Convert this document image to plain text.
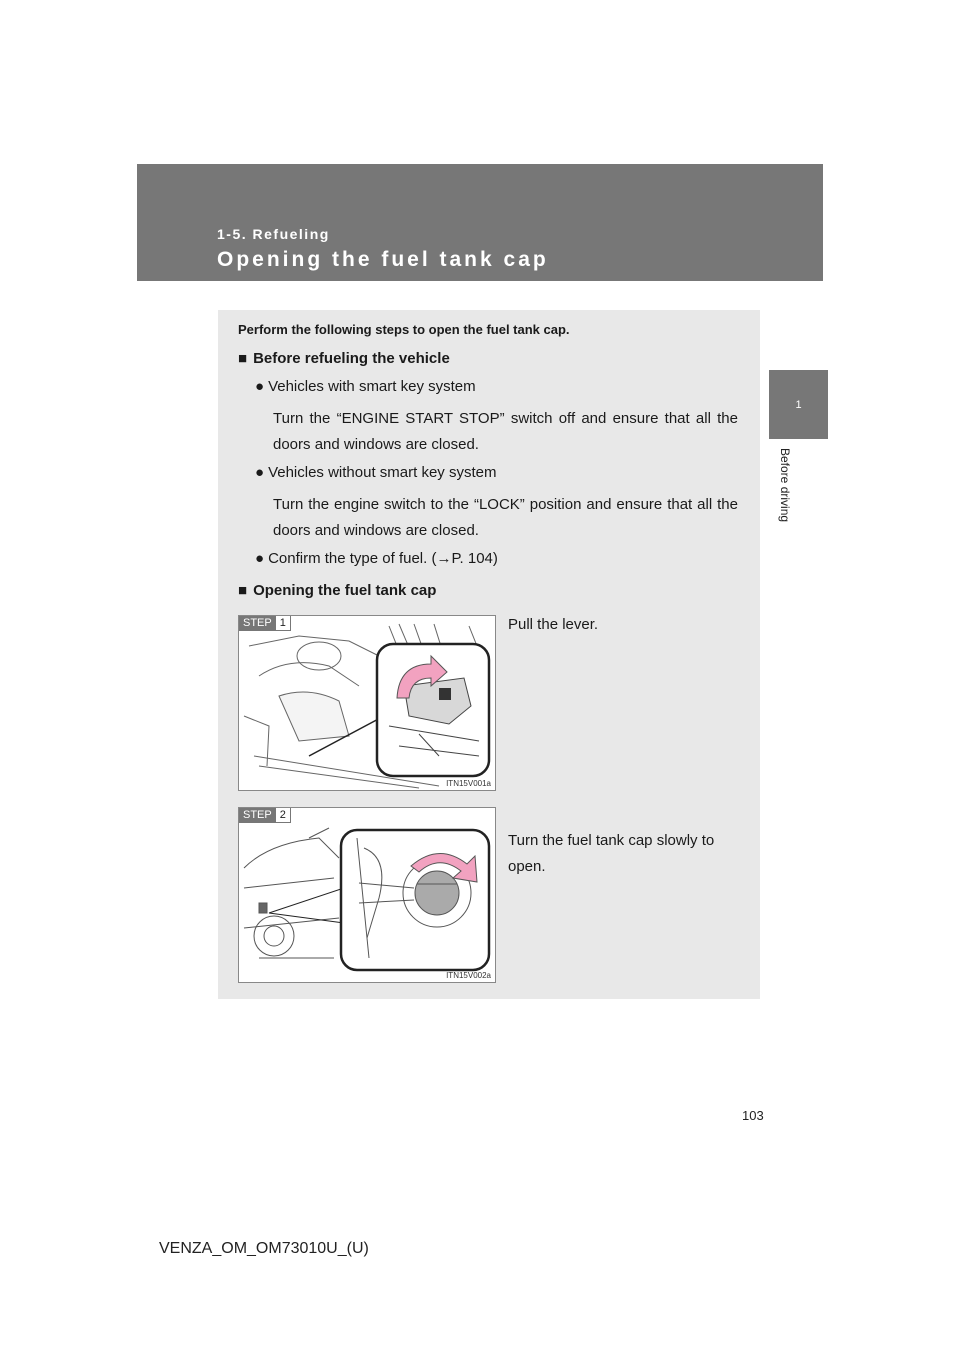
1-5. Refueling
Opening the fuel tank cap
1
Before driving
Perform the following steps to open the fuel tank cap.
■ Before refueling the vehicle
● Vehicles with smart key system
Turn the “ENGINE START STOP” switch off and ensure that all the doors and windows are closed.
● Vehicles without smart key system
Turn the engine switch to the “LOCK” position and ensure that all the doors and windows are closed.
● Confirm the type of fuel. (→P. 104)
■ Opening the fuel tank cap
STEP 1
ITN15V001a
Pull the lever.
STEP 2
ITN15V002a
Turn the fuel tank cap slowly to open.
103
VENZA_OM_OM73010U_(U)
